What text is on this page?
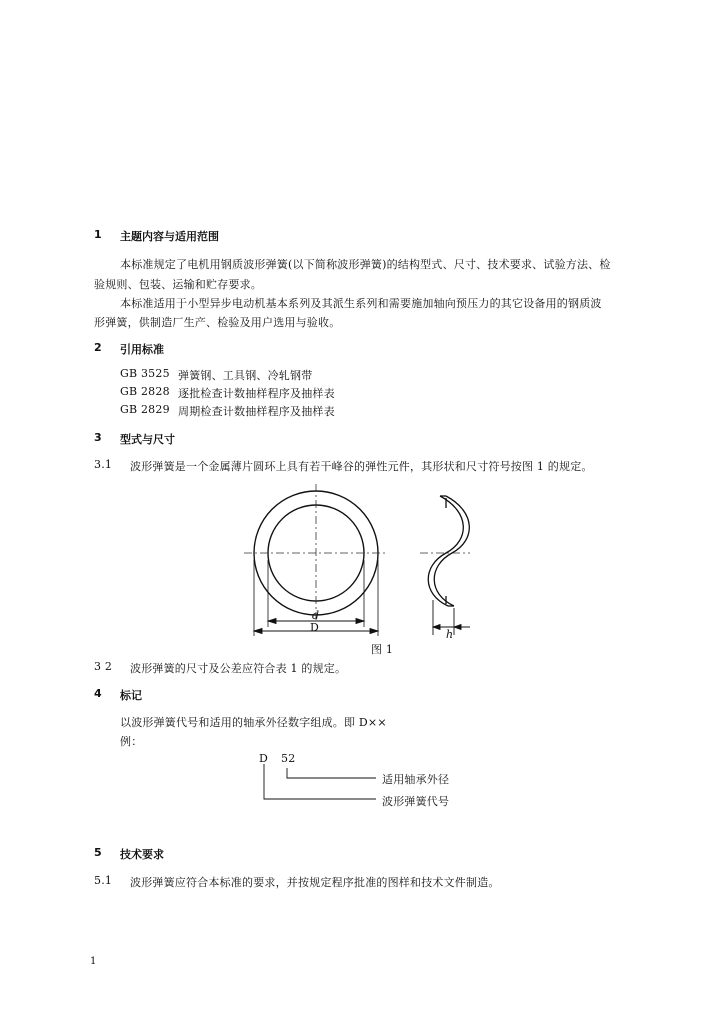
1 主题内容与适用范围
本标准规定了电机用钢质波形弹簧(以下简称波形弹簧)的结构型式、尺寸、技术要求、试验方法、检
验规则、包装、运输和贮存要求。
本标准适用于小型异步电动机基本系列及其派生系列和需要施加轴向预压力的其它设备用的钢质波
形弹簧，供制造厂生产、检验及用户选用与验收。
2 引用标准
GB 3525 弹簧钢、工具钢、冷轧钢带
GB 2828 逐批检查计数抽样程序及抽样表
GB 2829 周期检查计数抽样程序及抽样表
3 型式与尺寸
3.1 波形弹簧是一个金属薄片圆环上具有若干峰谷的弹性元件，其形状和尺寸符号按图 1 的规定。
d
D
h
图 1
3 2 波形弹簧的尺寸及公差应符合表 1 的规定。
4 标记
以波形弹簧代号和适用的轴承外径数字组成。即 D××
例：
D 52
适用轴承外径
波形弹簧代号
5 技术要求
5.1 波形弹簧应符合本标准的要求，并按规定程序批准的图样和技术文件制造。
1
